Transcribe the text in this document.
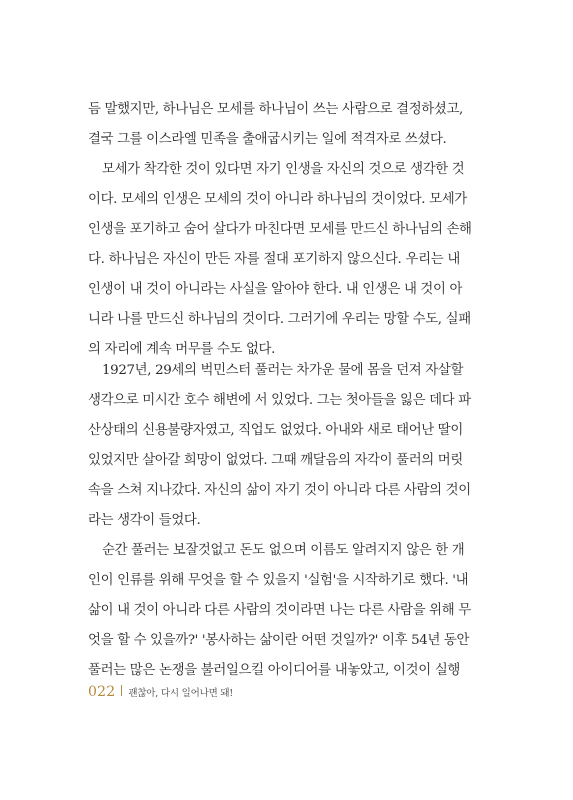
듬 말했지만, 하나님은 모세를 하나님이 쓰는 사람으로 결정하셨고,
결국 그를 이스라엘 민족을 출애굽시키는 일에 적격자로 쓰셨다.
모세가 착각한 것이 있다면 자기 인생을 자신의 것으로 생각한 것
이다. 모세의 인생은 모세의 것이 아니라 하나님의 것이었다. 모세가
인생을 포기하고 숨어 살다가 마친다면 모세를 만드신 하나님의 손해
다. 하나님은 자신이 만든 자를 절대 포기하지 않으신다. 우리는 내
인생이 내 것이 아니라는 사실을 알아야 한다. 내 인생은 내 것이 아
니라 나를 만드신 하나님의 것이다. 그러기에 우리는 망할 수도, 실패
의 자리에 계속 머무를 수도 없다.
1927년, 29세의 벅민스터 풀러는 차가운 물에 몸을 던져 자살할
생각으로 미시간 호수 해변에 서 있었다. 그는 첫아들을 잃은 데다 파
산상태의 신용불량자였고, 직업도 없었다. 아내와 새로 태어난 딸이
있었지만 살아갈 희망이 없었다. 그때 깨달음의 자각이 풀러의 머릿
속을 스쳐 지나갔다. 자신의 삶이 자기 것이 아니라 다른 사람의 것이
라는 생각이 들었다.
순간 풀러는 보잘것없고 돈도 없으며 이름도 알려지지 않은 한 개
인이 인류를 위해 무엇을 할 수 있을지 '실험'을 시작하기로 했다. '내
삶이 내 것이 아니라 다른 사람의 것이라면 나는 다른 사람을 위해 무
엇을 할 수 있을까?' '봉사하는 삶이란 어떤 것일까?' 이후 54년 동안
풀러는 많은 논쟁을 불러일으킬 아이디어를 내놓았고, 이것이 실행
022 괜찮아, 다시 일어나면 돼!
